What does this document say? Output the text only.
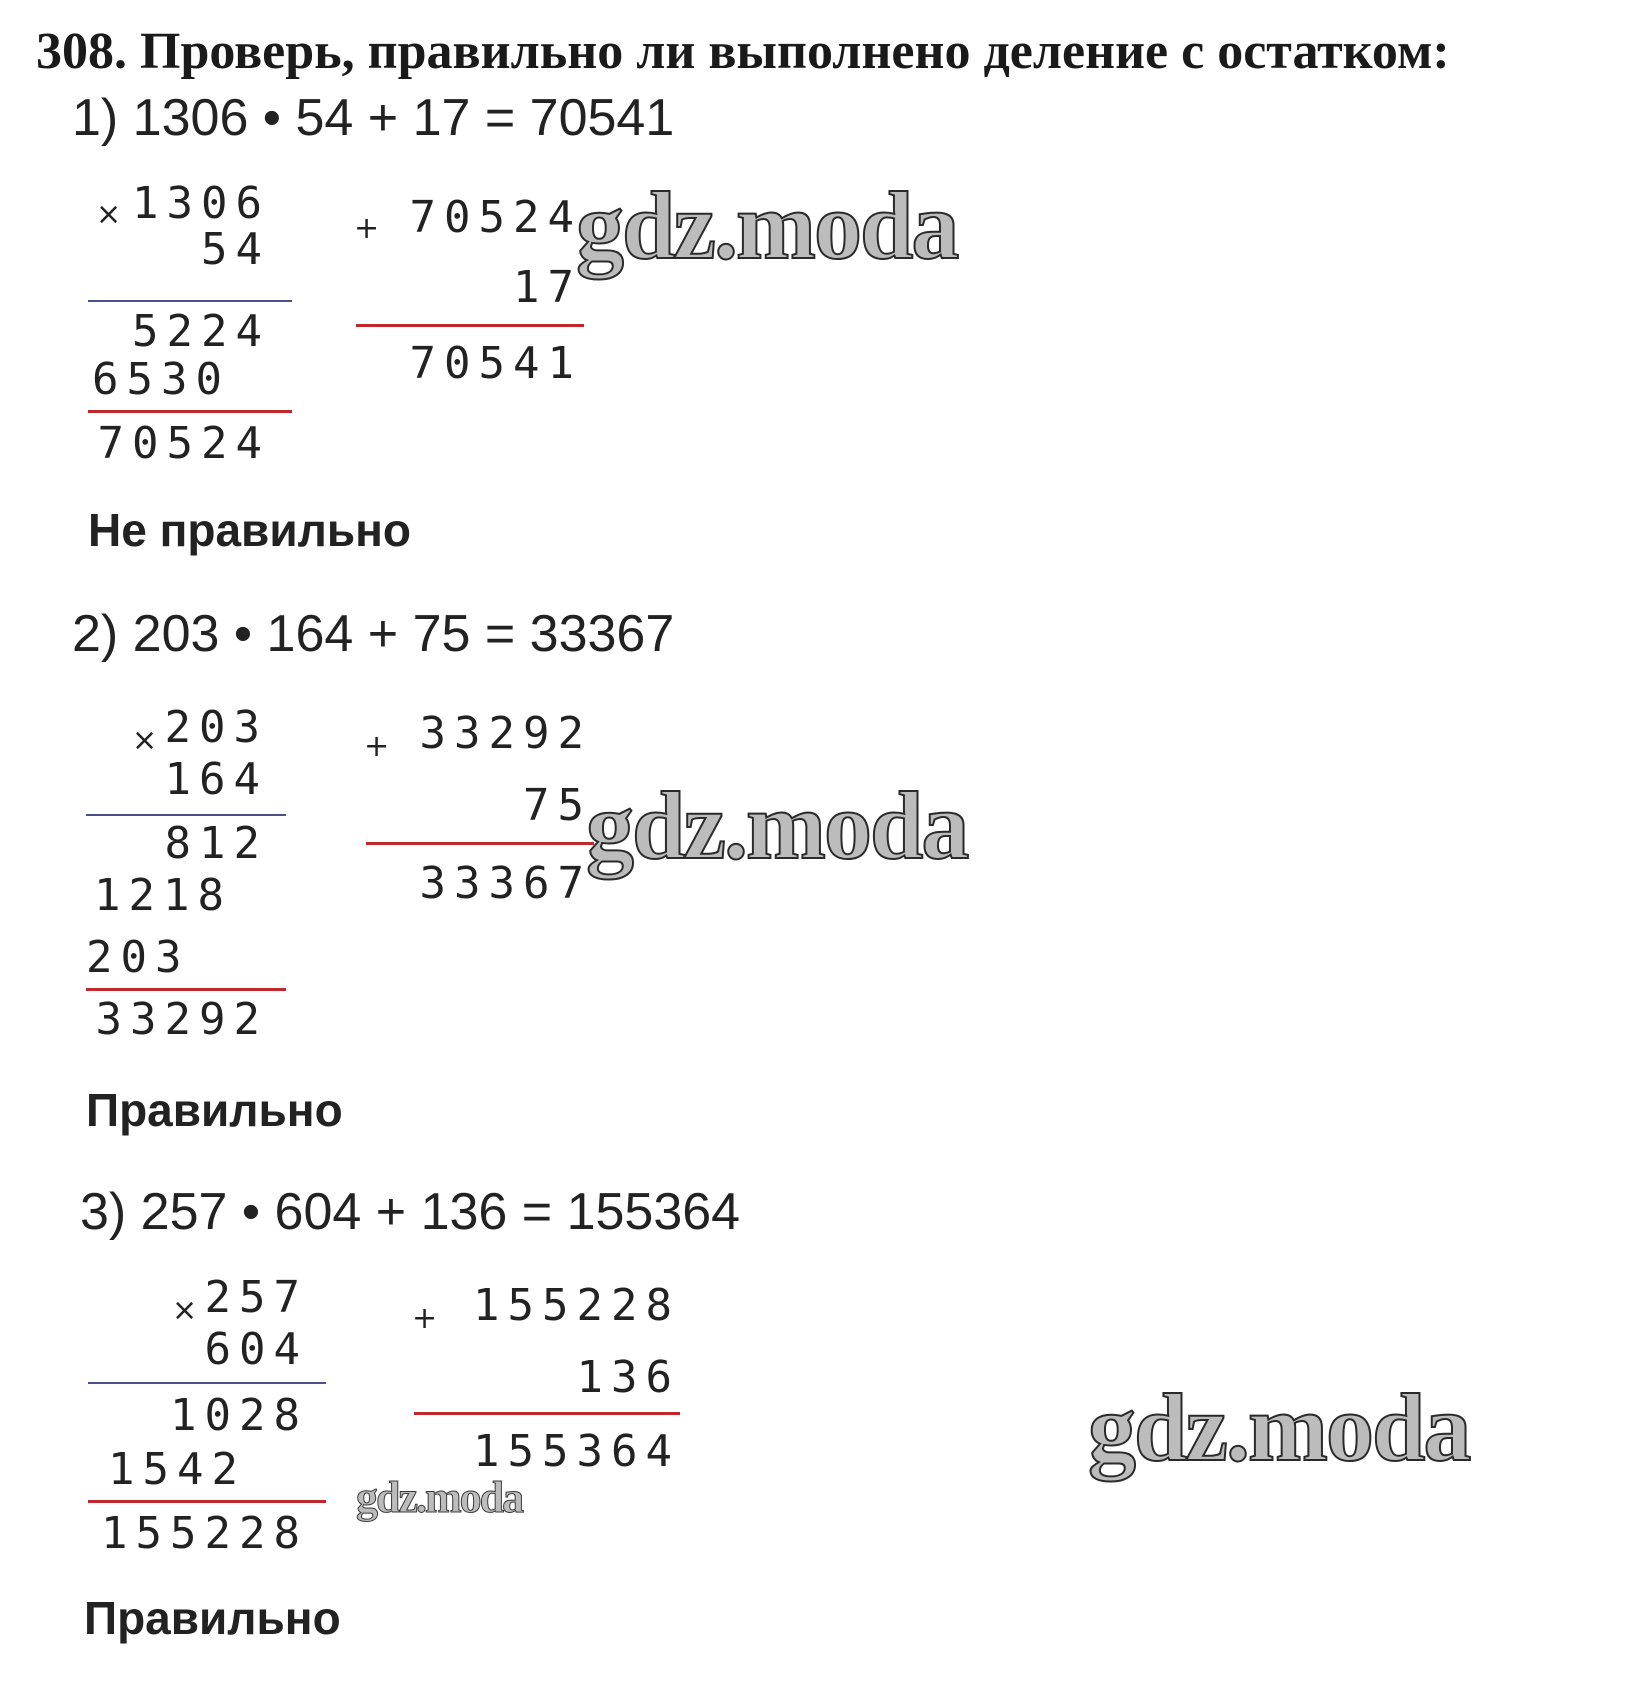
308. Проверь, правильно ли выполнено деление с остатком:
1) 1306 • 54 + 17 = 70541
× 1306
54
5224
6530
70524
+ 70524
17
70541
gdz.moda
Не правильно
2) 203 • 164 + 75 = 33367
× 203
164
812
1218
203
33292
+ 33292
75
33367
gdz.moda
Правильно
3) 257 • 604 + 136 = 155364
× 257
604
1028
1542
155228
+ 155228
136
155364
gdz.moda
gdz.moda
Правильно
